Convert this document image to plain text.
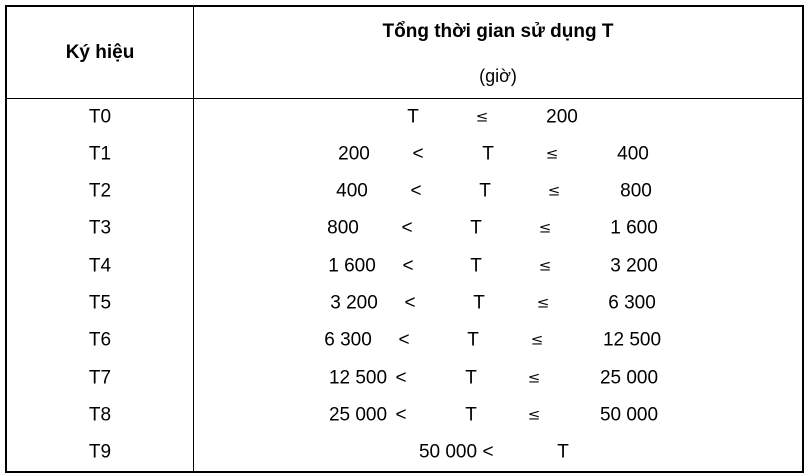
Ký hiệu
Tổng thời gian sử dụng T
(giờ)
T0	T	≤	200
T1	200 <	T	≤	400
T2	400 <	T	≤	800
T3	800 <	T	≤	1 600
T4	1 600 <	T	≤	3 200
T5	3 200 <	T	≤	6 300
T6	6 300 <	T	≤	12 500
T7	12 500 <	T	≤	25 000
T8	25 000 <	T	≤	50 000
T9	50 000 <	T
